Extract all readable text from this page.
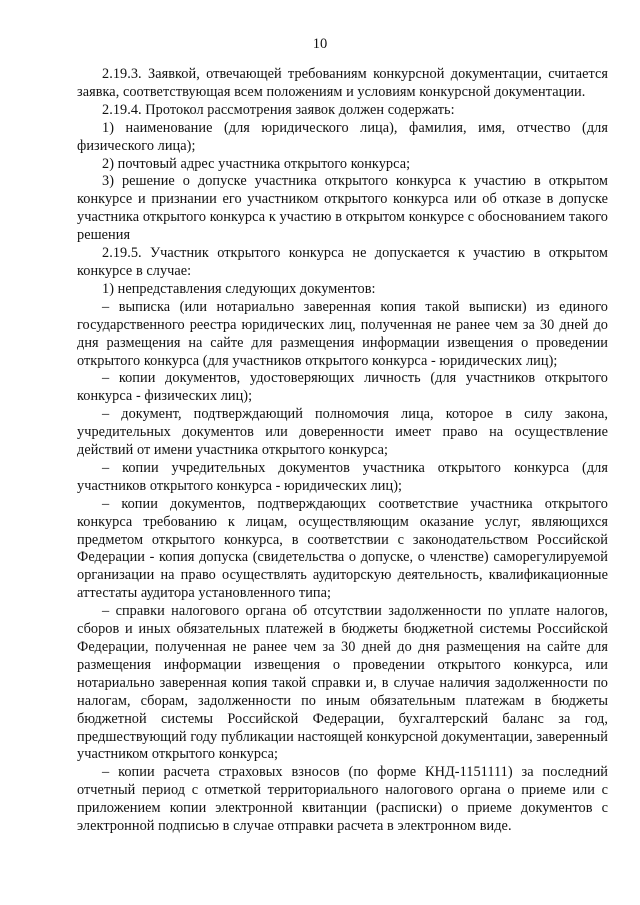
10

2.19.3. Заявкой, отвечающей требованиям конкурсной документации, считается заявка, соответствующая всем положениям и условиям конкурсной документации.

2.19.4. Протокол рассмотрения заявок должен содержать:

1) наименование (для юридического лица), фамилия, имя, отчество (для физического лица);

2) почтовый адрес участника открытого конкурса;

3) решение о допуске участника открытого конкурса к участию в открытом конкурсе и признании его участником открытого конкурса или об отказе в допуске участника открытого конкурса к участию в открытом конкурсе с обоснованием такого решения

2.19.5. Участник открытого конкурса не допускается к участию в открытом конкурсе в случае:

1) непредставления следующих документов:

– выписка (или нотариально заверенная копия такой выписки) из единого государственного реестра юридических лиц, полученная не ранее чем за 30 дней до дня размещения на сайте для размещения информации извещения о проведении открытого конкурса (для участников открытого конкурса - юридических лиц);

– копии документов, удостоверяющих личность (для участников открытого конкурса - физических лиц);

– документ, подтверждающий полномочия лица, которое в силу закона, учредительных документов или доверенности имеет право на осуществление действий от имени участника открытого конкурса;

– копии учредительных документов участника открытого конкурса (для участников открытого конкурса - юридических лиц);

– копии документов, подтверждающих соответствие участника открытого конкурса требованию к лицам, осуществляющим оказание услуг, являющихся предметом открытого конкурса, в соответствии с законодательством Российской Федерации - копия допуска (свидетельства о допуске, о членстве) саморегулируемой организации на право осуществлять аудиторскую деятельность, квалификационные аттестаты аудитора установленного типа;

– справки налогового органа об отсутствии задолженности по уплате налогов, сборов и иных обязательных платежей в бюджеты бюджетной системы Российской Федерации, полученная не ранее чем за 30 дней до дня размещения на сайте для размещения информации извещения о проведении открытого конкурса, или нотариально заверенная копия такой справки и, в случае наличия задолженности по налогам, сборам, задолженности по иным обязательным платежам в бюджеты бюджетной системы Российской Федерации, бухгалтерский баланс за год, предшествующий году публикации настоящей конкурсной документации, заверенный участником открытого конкурса;

– копии расчета страховых взносов (по форме КНД-1151111) за последний отчетный период с отметкой территориального налогового органа о приеме или с приложением копии электронной квитанции (расписки) о приеме документов с электронной подписью в случае отправки расчета в электронном виде.
